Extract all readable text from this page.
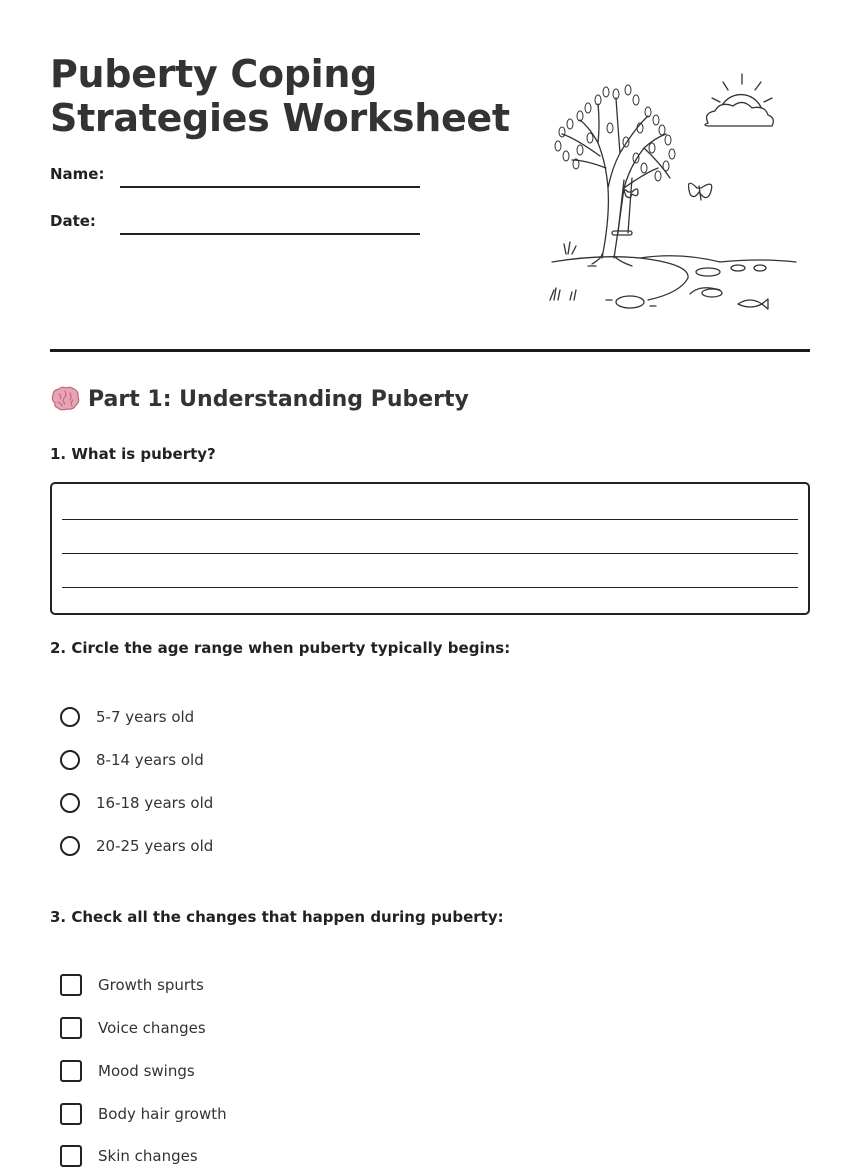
Puberty Coping
Strategies Worksheet
Name:
Date:
Part 1: Understanding Puberty

1. What is puberty?

2. Circle the age range when puberty typically begins:

5-7 years old
8-14 years old
16-18 years old
20-25 years old

3. Check all the changes that happen during puberty:

Growth spurts
Voice changes
Mood swings
Body hair growth
Skin changes
